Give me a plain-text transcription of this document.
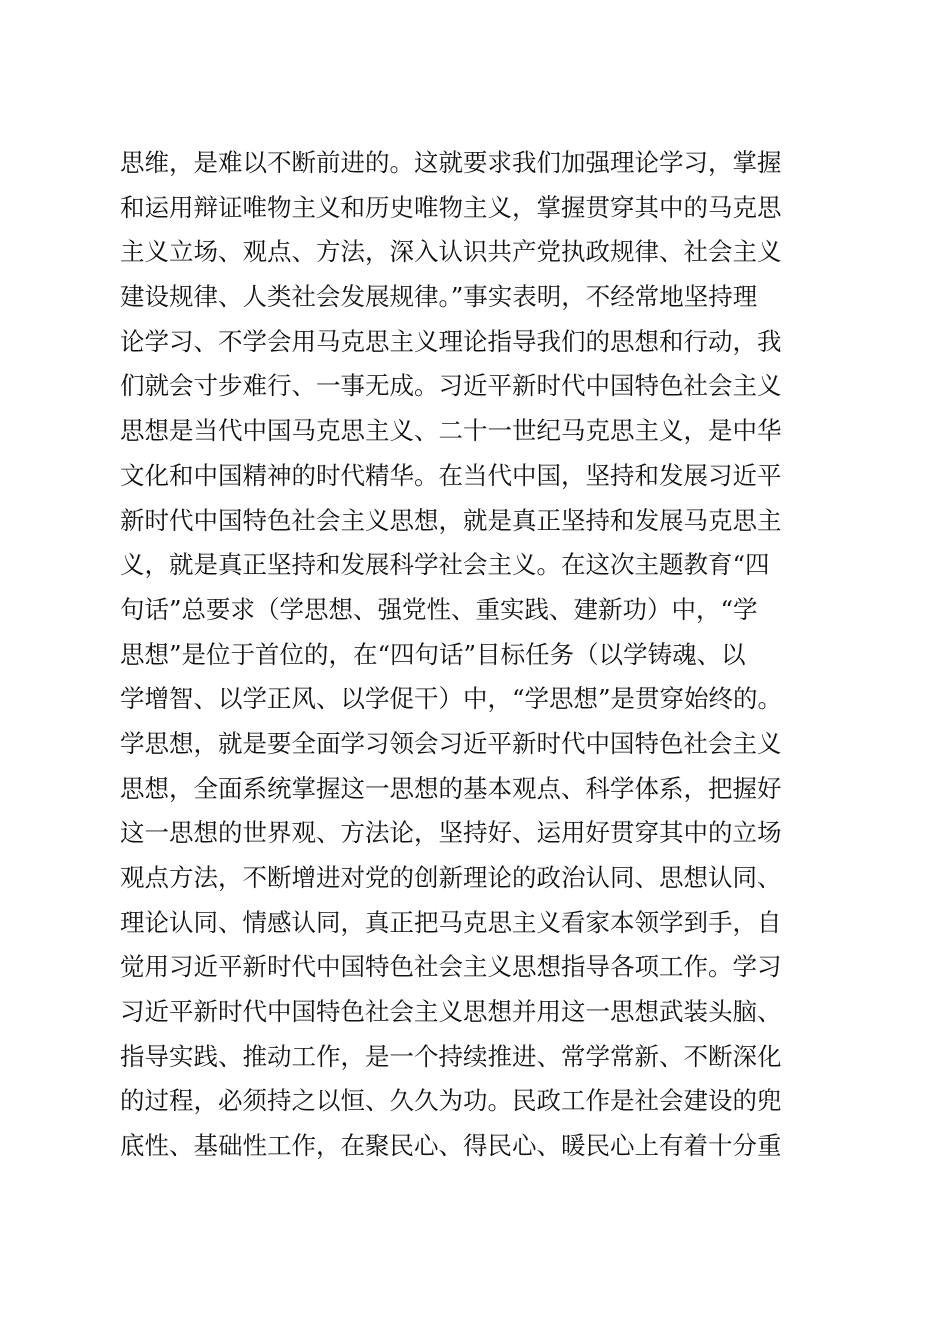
思维，是难以不断前进的。这就要求我们加强理论学习，掌握
和运用辩证唯物主义和历史唯物主义，掌握贯穿其中的马克思
主义立场、观点、方法，深入认识共产党执政规律、社会主义
建设规律、人类社会发展规律。”事实表明，不经常地坚持理
论学习、不学会用马克思主义理论指导我们的思想和行动，我
们就会寸步难行、一事无成。习近平新时代中国特色社会主义
思想是当代中国马克思主义、二十一世纪马克思主义，是中华
文化和中国精神的时代精华。在当代中国，坚持和发展习近平
新时代中国特色社会主义思想，就是真正坚持和发展马克思主
义，就是真正坚持和发展科学社会主义。在这次主题教育“四
句话”总要求（学思想、强党性、重实践、建新功）中，“学
思想”是位于首位的，在“四句话”目标任务（以学铸魂、以
学增智、以学正风、以学促干）中，“学思想”是贯穿始终的。
学思想，就是要全面学习领会习近平新时代中国特色社会主义
思想，全面系统掌握这一思想的基本观点、科学体系，把握好
这一思想的世界观、方法论，坚持好、运用好贯穿其中的立场
观点方法，不断增进对党的创新理论的政治认同、思想认同、
理论认同、情感认同，真正把马克思主义看家本领学到手，自
觉用习近平新时代中国特色社会主义思想指导各项工作。学习
习近平新时代中国特色社会主义思想并用这一思想武装头脑、
指导实践、推动工作，是一个持续推进、常学常新、不断深化
的过程，必须持之以恒、久久为功。民政工作是社会建设的兜
底性、基础性工作，在聚民心、得民心、暖民心上有着十分重
